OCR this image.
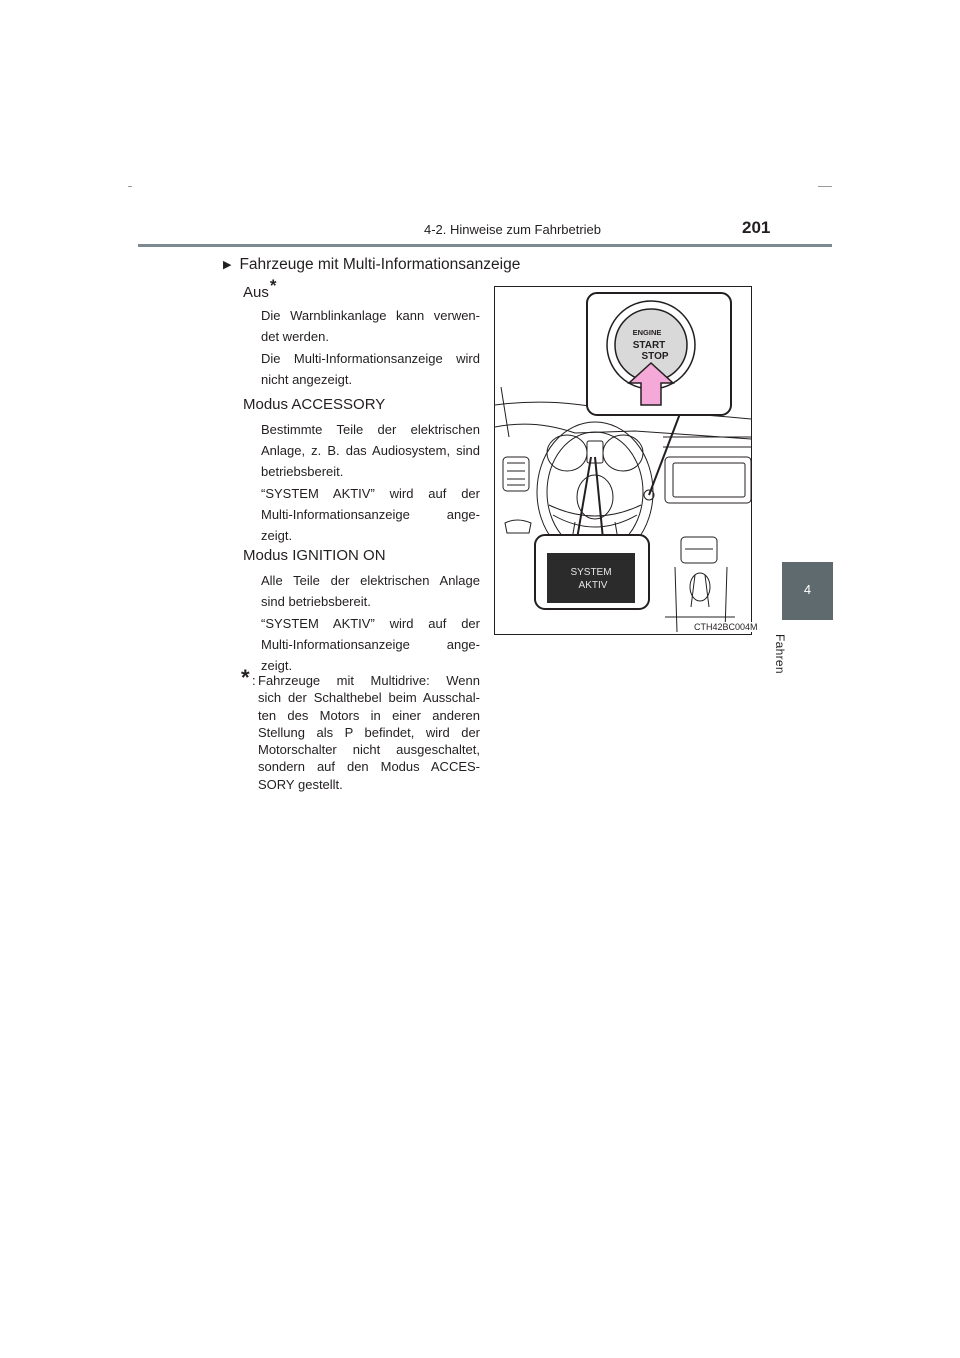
4-2. Hinweise zum Fahrbetrieb	201
4
Fahren
▶ Fahrzeuge mit Multi-Informationsanzeige
Aus*
Die Warnblinkanlage kann verwen-
det werden.
Die Multi-Informationsanzeige wird
nicht angezeigt.
Modus ACCESSORY
Bestimmte Teile der elektrischen
Anlage, z. B. das Audiosystem, sind
betriebsbereit.
“SYSTEM AKTIV” wird auf der
Multi-Informationsanzeige ange-
zeigt.
Modus IGNITION ON
Alle Teile der elektrischen Anlage
sind betriebsbereit.
“SYSTEM AKTIV” wird auf der
Multi-Informationsanzeige ange-
zeigt.
* : Fahrzeuge mit Multidrive: Wenn
sich der Schalthebel beim Ausschal-
ten des Motors in einer anderen
Stellung als P befindet, wird der
Motorschalter nicht ausgeschaltet,
sondern auf den Modus ACCES-
SORY gestellt.
ENGINE
START
STOP
SYSTEM
AKTIV
CTH42BC004M
